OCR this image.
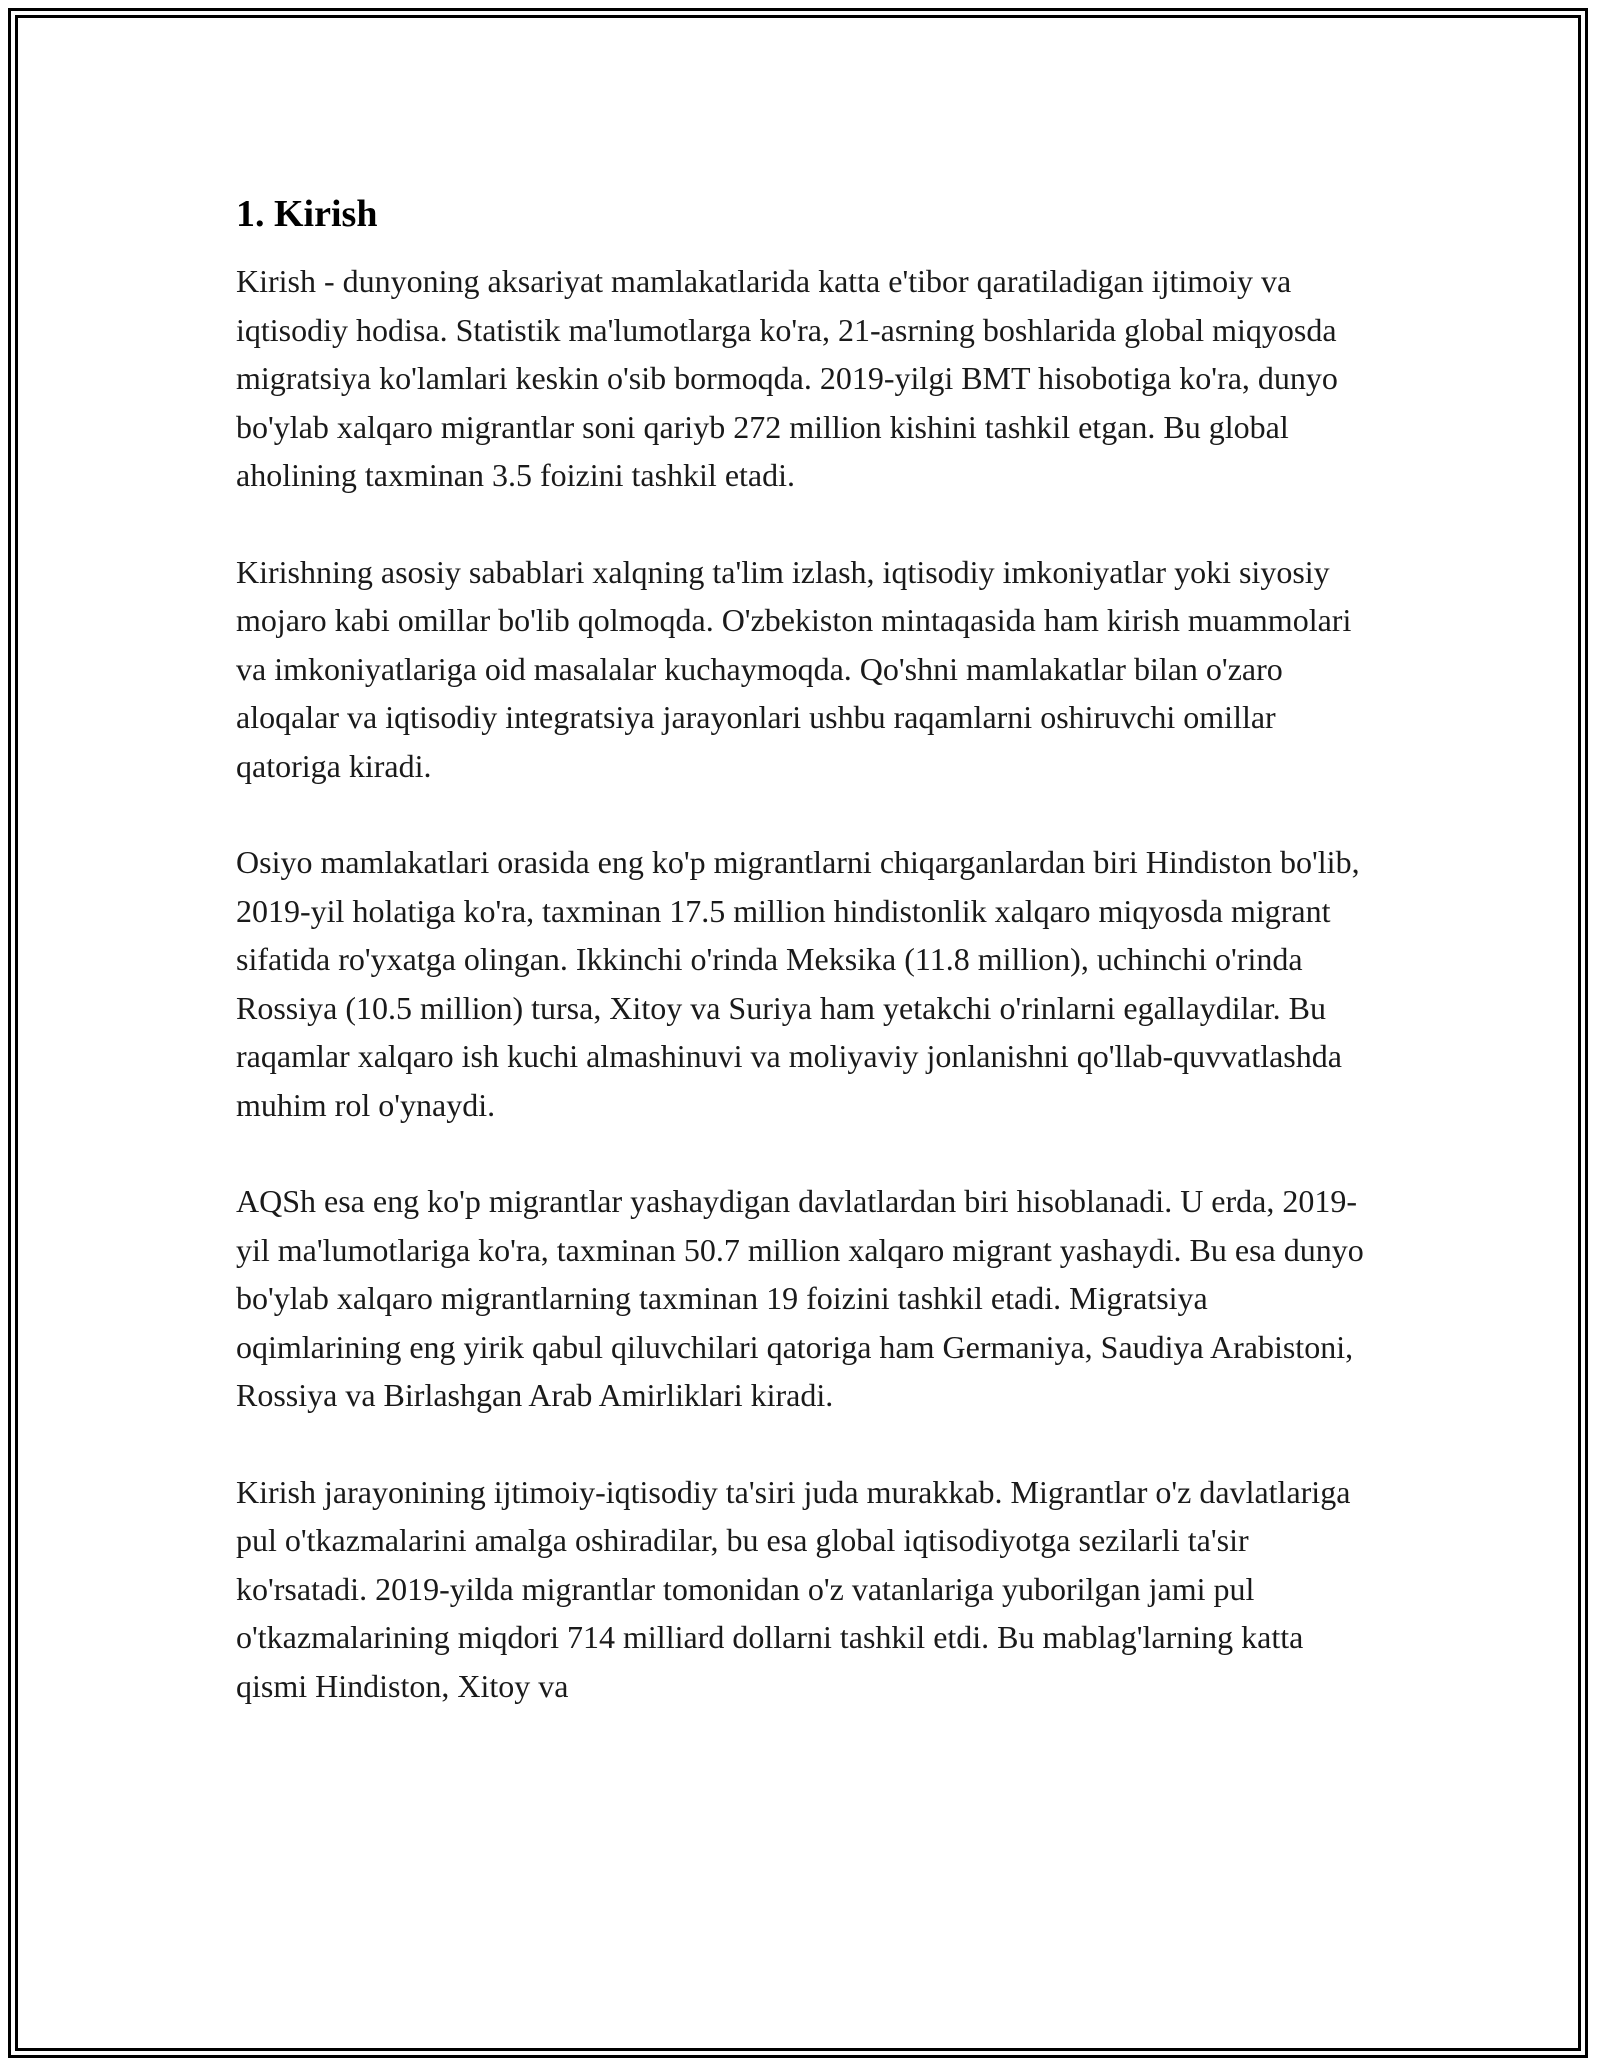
1. Kirish

Kirish - dunyoning aksariyat mamlakatlarida katta e'tibor qaratiladigan ijtimoiy va iqtisodiy hodisa. Statistik ma'lumotlarga ko'ra, 21-asrning boshlarida global miqyosda migratsiya ko'lamlari keskin o'sib bormoqda. 2019-yilgi BMT hisobotiga ko'ra, dunyo bo'ylab xalqaro migrantlar soni qariyb 272 million kishini tashkil etgan. Bu global aholining taxminan 3.5 foizini tashkil etadi.

Kirishning asosiy sabablari xalqning ta'lim izlash, iqtisodiy imkoniyatlar yoki siyosiy mojaro kabi omillar bo'lib qolmoqda. O'zbekiston mintaqasida ham kirish muammolari va imkoniyatlariga oid masalalar kuchaymoqda. Qo'shni mamlakatlar bilan o'zaro aloqalar va iqtisodiy integratsiya jarayonlari ushbu raqamlarni oshiruvchi omillar qatoriga kiradi.

Osiyo mamlakatlari orasida eng ko'p migrantlarni chiqarganlardan biri Hindiston bo'lib, 2019-yil holatiga ko'ra, taxminan 17.5 million hindistonlik xalqaro miqyosda migrant sifatida ro'yxatga olingan. Ikkinchi o'rinda Meksika (11.8 million), uchinchi o'rinda Rossiya (10.5 million) tursa, Xitoy va Suriya ham yetakchi o'rinlarni egallaydilar. Bu raqamlar xalqaro ish kuchi almashinuvi va moliyaviy jonlanishni qo'llab-quvvatlashda muhim rol o'ynaydi.

AQSh esa eng ko'p migrantlar yashaydigan davlatlardan biri hisoblanadi. U erda, 2019-yil ma'lumotlariga ko'ra, taxminan 50.7 million xalqaro migrant yashaydi. Bu esa dunyo bo'ylab xalqaro migrantlarning taxminan 19 foizini tashkil etadi. Migratsiya oqimlarining eng yirik qabul qiluvchilari qatoriga ham Germaniya, Saudiya Arabistoni, Rossiya va Birlashgan Arab Amirliklari kiradi.

Kirish jarayonining ijtimoiy-iqtisodiy ta'siri juda murakkab. Migrantlar o'z davlatlariga pul o'tkazmalarini amalga oshiradilar, bu esa global iqtisodiyotga sezilarli ta'sir ko'rsatadi. 2019-yilda migrantlar tomonidan o'z vatanlariga yuborilgan jami pul o'tkazmalarining miqdori 714 milliard dollarni tashkil etdi. Bu mablag'larning katta qismi Hindiston, Xitoy va
